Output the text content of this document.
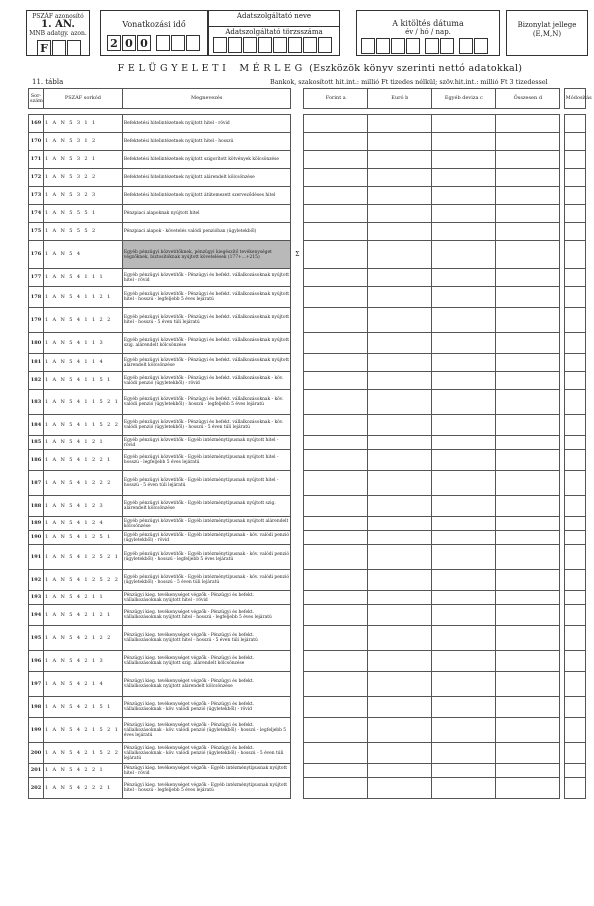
PSZÁF azonosító
1. AN.
MNB adatgy. azon.
F
Vonatkozási idő
2 0 0
Adatszolgáltató neve
Adatszolgáltató törzsszáma
A kitöltés dátuma
év / hó / nap.
Bizonylat jellege (E,M,N)
F E L Ü G Y E L E T I    M É R L E G  (Eszközök könyv szerinti nettó adatokkal)
11. tábla	Bankok, szakosított hit.int.: millió Ft tizedes nélkül; szöv.hit.int.: millió Ft 3 tizedessel
Sor-szám	PSZÁF sorkód	Megnevezés		Forint a	Euró b	Egyéb deviza c	Összesen d		Módosítás

169	1 A N 5 3 1 1	Befektetési hitelintézetnek nyújtott hitel - rövid							
170	1 A N 5 3 1 2	Befektetési hitelintézetnek nyújtott hitel - hosszú							
171	1 A N 5 3 2 1	Befektetési hitelintézetnek nyújtott szigorított kötvények kölcsönzése							
172	1 A N 5 3 2 2	Befektetési hitelintézetnek nyújtott alárendelt kölcsönzése							
173	1 A N 5 3 2 3	Befektetési hitelintézetnek nyújtott átütemezett szerveződéses hitel							
174	1 A N 5 5 5 1	Pénzpiaci alapoknak nyújtott hitel							
175	1 A N 5 5 5 2	Pénzpiaci alapok - követelés valódi penzióban (ügyletekből)							
176	1 A N 5 4	Egyéb pénzügyi közvetítőknek, pénzügyi kiegészítő tevékenységet végzőknek, biztosítóknak nyújtott követelések (177+...+215)	Σ						
177	1 A N 5 4 1 1 1	Egyéb pénzügyi közvetítők - Pénzügyi és befekt. vállalkozásoknak nyújtott hitel - rövid							
178	1 A N 5 4 1 1 2 1	Egyéb pénzügyi közvetítők - Pénzügyi és befekt. vállalkozásoknak nyújtott hitel - hosszú - legfeljebb 5 éves lejáratú							
179	1 A N 5 4 1 1 2 2	Egyéb pénzügyi közvetítők - Pénzügyi és befekt. vállalkozásoknak nyújtott hitel - hosszú - 5 éven túli lejáratú							
180	1 A N 5 4 1 1 3	Egyéb pénzügyi közvetítők - Pénzügyi és befekt. vállalkozásoknak nyújtott szig. alárendelt kölcsönzése							
181	1 A N 5 4 1 1 4	Egyéb pénzügyi közvetítők - Pénzügyi és befekt. vállalkozásoknak nyújtott alárendelt kölcsönzése							
182	1 A N 5 4 1 1 5 1	Egyéb pénzügyi közvetítők - Pénzügyi és befekt. vállalkozásoknak - köv. valódi penzió (ügyletekből) - rövid							
183	1 A N 5 4 1 1 5 2 1	Egyéb pénzügyi közvetítők - Pénzügyi és befekt. vállalkozásoknak - köv. valódi penzió (ügyletekből) - hosszú - legfeljebb 5 éves lejáratú							
184	1 A N 5 4 1 1 5 2 2	Egyéb pénzügyi közvetítők - Pénzügyi és befekt. vállalkozásoknak - köv. valódi penzió (ügyletekből) - hosszú - 5 éven túli lejáratú							
185	1 A N 5 4 1 2 1	Egyéb pénzügyi közvetítők - Egyéb intézménytípusnak nyújtott hitel - rövid							
186	1 A N 5 4 1 2 2 1	Egyéb pénzügyi közvetítők - Egyéb intézménytípusnak nyújtott hitel - hosszú - legfeljebb 5 éves lejáratú							
187	1 A N 5 4 1 2 2 2	Egyéb pénzügyi közvetítők - Egyéb intézménytípusnak nyújtott hitel - hosszú - 5 éven túli lejáratú							
188	1 A N 5 4 1 2 3	Egyéb pénzügyi közvetítők - Egyéb intézménytípusnak nyújtott szig. alárendelt kölcsönzése							
189	1 A N 5 4 1 2 4	Egyéb pénzügyi közvetítők - Egyéb intézménytípusnak nyújtott alárendelt kölcsönzése							
190	1 A N 5 4 1 2 5 1	Egyéb pénzügyi közvetítők - Egyéb intézménytípusnak - köv. valódi penzió (ügyletekből) - rövid							
191	1 A N 5 4 1 2 5 2 1	Egyéb pénzügyi közvetítők - Egyéb intézménytípusnak - köv. valódi penzió (ügyletekből) - hosszú - legfeljebb 5 éves lejáratú							
192	1 A N 5 4 1 2 5 2 2	Egyéb pénzügyi közvetítők - Egyéb intézménytípusnak - köv. valódi penzió (ügyletekből) - hosszú - 5 éven túli lejáratú							
193	1 A N 5 4 2 1 1	Pénzügyi kieg. tevékenységet végzők - Pénzügyi és befekt. vállalkozásoknak nyújtott hitel - rövid							
194	1 A N 5 4 2 1 2 1	Pénzügyi kieg. tevékenységet végzők - Pénzügyi és befekt. vállalkozásoknak nyújtott hitel - hosszú - legfeljebb 5 éves lejáratú							
195	1 A N 5 4 2 1 2 2	Pénzügyi kieg. tevékenységet végzők - Pénzügyi és befekt. vállalkozásoknak nyújtott hitel - hosszú - 5 éven túli lejáratú							
196	1 A N 5 4 2 1 3	Pénzügyi kieg. tevékenységet végzők - Pénzügyi és befekt. vállalkozásoknak nyújtott szig. alárendelt kölcsönzése							
197	1 A N 5 4 2 1 4	Pénzügyi kieg. tevékenységet végzők - Pénzügyi és befekt. vállalkozásoknak nyújtott alárendelt kölcsönzése							
198	1 A N 5 4 2 1 5 1	Pénzügyi kieg. tevékenységet végzők - Pénzügyi és befekt. vállalkozásoknak - köv. valódi penzió (ügyletekből) - rövid							
199	1 A N 5 4 2 1 5 2 1	Pénzügyi kieg. tevékenységet végzők - Pénzügyi és befekt. vállalkozásoknak - köv. valódi penzió (ügyletekből) - hosszú - legfeljebb 5 éves lejáratú							
200	1 A N 5 4 2 1 5 2 2	Pénzügyi kieg. tevékenységet végzők - Pénzügyi és befekt. vállalkozásoknak - köv. valódi penzió (ügyletekből) - hosszú - 5 éven túli lejáratú							
201	1 A N 5 4 2 2 1	Pénzügyi kieg. tevékenységet végzők - Egyéb intézménytípusnak nyújtott hitel - rövid							
202	1 A N 5 4 2 2 2 1	Pénzügyi kieg. tevékenységet végzők - Egyéb intézménytípusnak nyújtott hitel - hosszú - legfeljebb 5 éves lejáratú							
